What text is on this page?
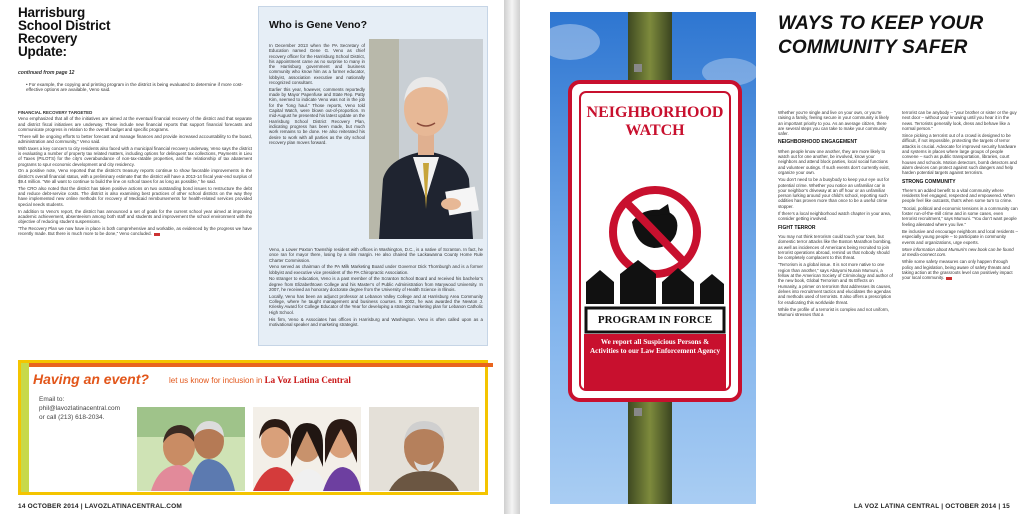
Harrisburg
School District
Recovery
Update:
continued from page 12
• For example, the copying and printing program in the district is being evaluated to determine if more cost-effective options are available, Veno said.
FINANCIAL RECOVERY TARGETED

Veno emphasized that all of the initiatives are aimed at the eventual financial recovery of the district and that separate and district fiscal initiatives are underway. These include new financial reports that support financial forecasts and communicate progress in relation to the overall budget and specific programs.

“There will be ongoing efforts to better forecast and manage finances and provide increased accountability to the board, administration and community,” Veno said.

With taxes a key concern to city residents also faced with a municipal financial recovery underway, Veno says the district is evaluating a number of property tax related matters, including options for delinquent tax collections, Payments in Lieu of Taxes (PILOTS) for the city’s overabundance of non-tax-ratable properties, and the relationship of tax abatement programs to spur economic development and city residency.

On a positive note, Veno reported that the district’s treasury reports continue to show favorable improvements in the district’s overall financial status, with a preliminary estimate that the district will have a 2013-14 fiscal year-end surplus of $9.4 million. “We all want to continue to build the line on school taxes for as long as possible,” he said.

The CRO also noted that the district has taken positive actions on two outstanding bond issues to restructure the debt and reduce debt-service costs. The district is also examining best practices of other school districts on the way they have implemented new online methods for recovery of Medicaid reimbursements for health-related services provided special needs students.

In addition to Veno’s report, the district has announced a set of goals for the current school year aimed at improving academic achievement, absenteeism among both staff and students and improvement the school environment with the objective of reducing student suspensions.

“The Recovery Plan we now have in place is both comprehensive and workable, as evidenced by the progress we have recently made. But there is much more to be done,” Veno concluded.

Who is Gene Veno?

In December 2013 when the PA Secretary of Education named Gene G. Veno as chief recovery officer for the Harrisburg School District, his appointment came as no surprise to many in the Harrisburg government and business community who know him as a former educator, lobbyist, association executive and nationally recognized consultant.

Earlier this year, however, comments reportedly made by Mayor Papenfuse and State Rep. Patty Kim, seemed to indicate Veno was not in the job for the “long haul.” Those reports, Veno told Capital Watch, were blown out-of-proportion. In mid-August he presented his latest update on the Harrisburg School District Recovery Plan, indicating progress has been made, but much work remains to be done. He also reiterated his desire to work with all parties as the city school recovery plan moves forward.

Veno, a Lower Paxton Township resident with offices in Washington, D.C., is a native of Scranton. In fact, he once ran for mayor there, losing by a slim margin. He also chaired the Lackawanna County Home Rule Charter Commission.

Veno served as chairman of the PA Milk Marketing Board under Governor Dick Thornburgh and is a former lobbyist and executive vice president of the PA Chiropractic Association.

No stranger to education, Veno is a past member of the Scranton School Board and received his bachelor’s degree from Elizabethtown College and his Master’s of Public Administration from Marywood University. In 2007, he received an honorary doctorate degree from the University of Health Science in Illinois.

Locally, Veno has been an adjunct professor at Lebanon Valley College and at Harrisburg Area Community College, where he taught management and business courses. In 2002, he was awarded the Newton J. Kriesky Award for College Educator of the Year for developing a strategic marketing plan for Lebanon Catholic High School.

His firm, Veno & Associates has offices in Harrisburg and Washington. Veno is often called upon as a motivational speaker and marketing strategist.

Having an event?	let us know for inclusion in La Voz Latina Central
Email to:
phil@lavozlatinacentral.com
or call (213) 618-2034.
14 OCTOBER 2014 | LAVOZLATINACENTRAL.COM
NEIGHBORHOOD
WATCH
PROGRAM IN FORCE
We report all Suspicious Persons & Activities to our Law Enforcement Agency
WAYS TO KEEP YOUR COMMUNITY SAFER

Whether you’re single and live on your own, or you’re raising a family, feeling secure in your community is likely an important priority to you. As an average citizen, there are several steps you can take to make your community safer.

NEIGHBORHOOD ENGAGEMENT

When people know one another, they are more likely to watch out for one another, be involved, know your neighbors and attend block parties, local social functions and volunteer outings. If such events don’t currently exist, organize your own.

You don’t need to be a busybody to keep your eye out for potential crime. Whether you notice an unfamiliar car in your neighbor’s driveway at an off hour or an unfamiliar person lurking around your child’s school, reporting such oddities has proven more than once to be a useful crime stopper.

If there’s a local neighborhood watch chapter in your area, consider getting involved.

FIGHT TERROR

You may not think terrorism could touch your town, but domestic terror attacks like the Boston Marathon bombing, as well as incidences of Americans being recruited to join terrorist operations abroad, remind us that nobody should be completely complacent to this threat.

“Terrorism is a global issue. It is not more native to one region than another,” says Abayomi Nurain Mumuni, a fellow at the American Society of Criminology and author of the new book, Global Terrorism and Its Effects on Humanity, a primer on terrorism that addresses its causes, delves into recruitment tactics and elucidates the agendas and methods used of terrorists. It also offers a prescription for eradicating this worldwide threat.

While the profile of a terrorist is complex and not uniform, Mumuni stresses that a

terrorist can be anybody – “your brother or sister or the guy next door – without your knowing until you hear it in the news. Terrorists generally look, dress and behave like a normal person.”

Since picking a terrorist out of a crowd is designed to be difficult, if not impossible, protecting the targets of terror attacks is crucial. Advocate for improved security hardware and systems in places where large groups of people convene – such as public transportation, libraries, court houses and schools. Motion detectors, bomb detectors and alarm devices can protect against such dangers and help harden potential targets against terrorism.

STRONG COMMUNITY

There’s an added benefit to a vital community where residents feel engaged, respected and empowered. When people feel like outcasts, that’s when some turn to crime.

“Social, political and economic tensions in a community can foster run-of-the-mill crime and in some cases, even terrorist recruitment,” says Mumuni. “You don’t want people feeling alienated where you live.”

Be inclusive and encourage neighbors and local residents – especially young people – to participate in community events and organizations, urge experts.

More information about Mumuni’s new book can be found at media-connect.com.

While some safety measures can only happen through policy and legislation, being aware of safety threats and taking action at the grassroots level can positively impact your local community.

LA VOZ LATINA CENTRAL | OCTOBER 2014 | 15
